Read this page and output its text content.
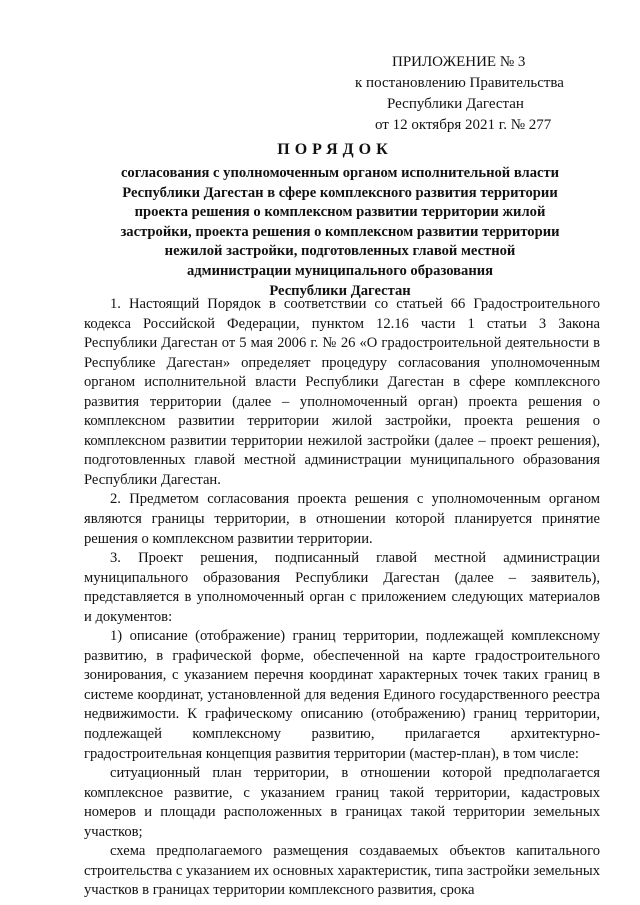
ПРИЛОЖЕНИЕ № 3
к постановлению Правительства
Республики Дагестан
от 12 октября 2021 г. № 277
ПОРЯДОК
согласования с уполномоченным органом исполнительной власти
Республики Дагестан в сфере комплексного развития территории
проекта решения о комплексном развитии территории жилой
застройки, проекта решения о комплексном развитии территории
нежилой застройки, подготовленных главой местной
администрации муниципального образования
Республики Дагестан

1. Настоящий Порядок в соответствии со статьей 66 Градостроительного кодекса Российской Федерации, пунктом 12.16 части 1 статьи 3 Закона Республики Дагестан от 5 мая 2006 г. № 26 «О градостроительной деятельности в Республике Дагестан» определяет процедуру согласования уполномоченным органом исполнительной власти Республики Дагестан в сфере комплексного развития территории (далее – уполномоченный орган) проекта решения о комплексном развитии территории жилой застройки, проекта решения о комплексном развитии территории нежилой застройки (далее – проект решения), подготовленных главой местной администрации муниципального образования Республики Дагестан.

2. Предметом согласования проекта решения с уполномоченным органом являются границы территории, в отношении которой планируется принятие решения о комплексном развитии территории.

3. Проект решения, подписанный главой местной администрации муниципального образования Республики Дагестан (далее – заявитель), представляется в уполномоченный орган с приложением следующих материалов и документов:

1) описание (отображение) границ территории, подлежащей комплексному развитию, в графической форме, обеспеченной на карте градостроительного зонирования, с указанием перечня координат характерных точек таких границ в системе координат, установленной для ведения Единого государственного реестра недвижимости. К графическому описанию (отображению) границ территории, подлежащей комплексному развитию, прилагается архитектурно-градостроительная концепция развития территории (мастер-план), в том числе:

ситуационный план территории, в отношении которой предполагается комплексное развитие, с указанием границ такой территории, кадастровых номеров и площади расположенных в границах такой территории земельных участков;

схема предполагаемого размещения создаваемых объектов капитального строительства с указанием их основных характеристик, типа застройки земельных участков в границах территории комплексного развития, срока
